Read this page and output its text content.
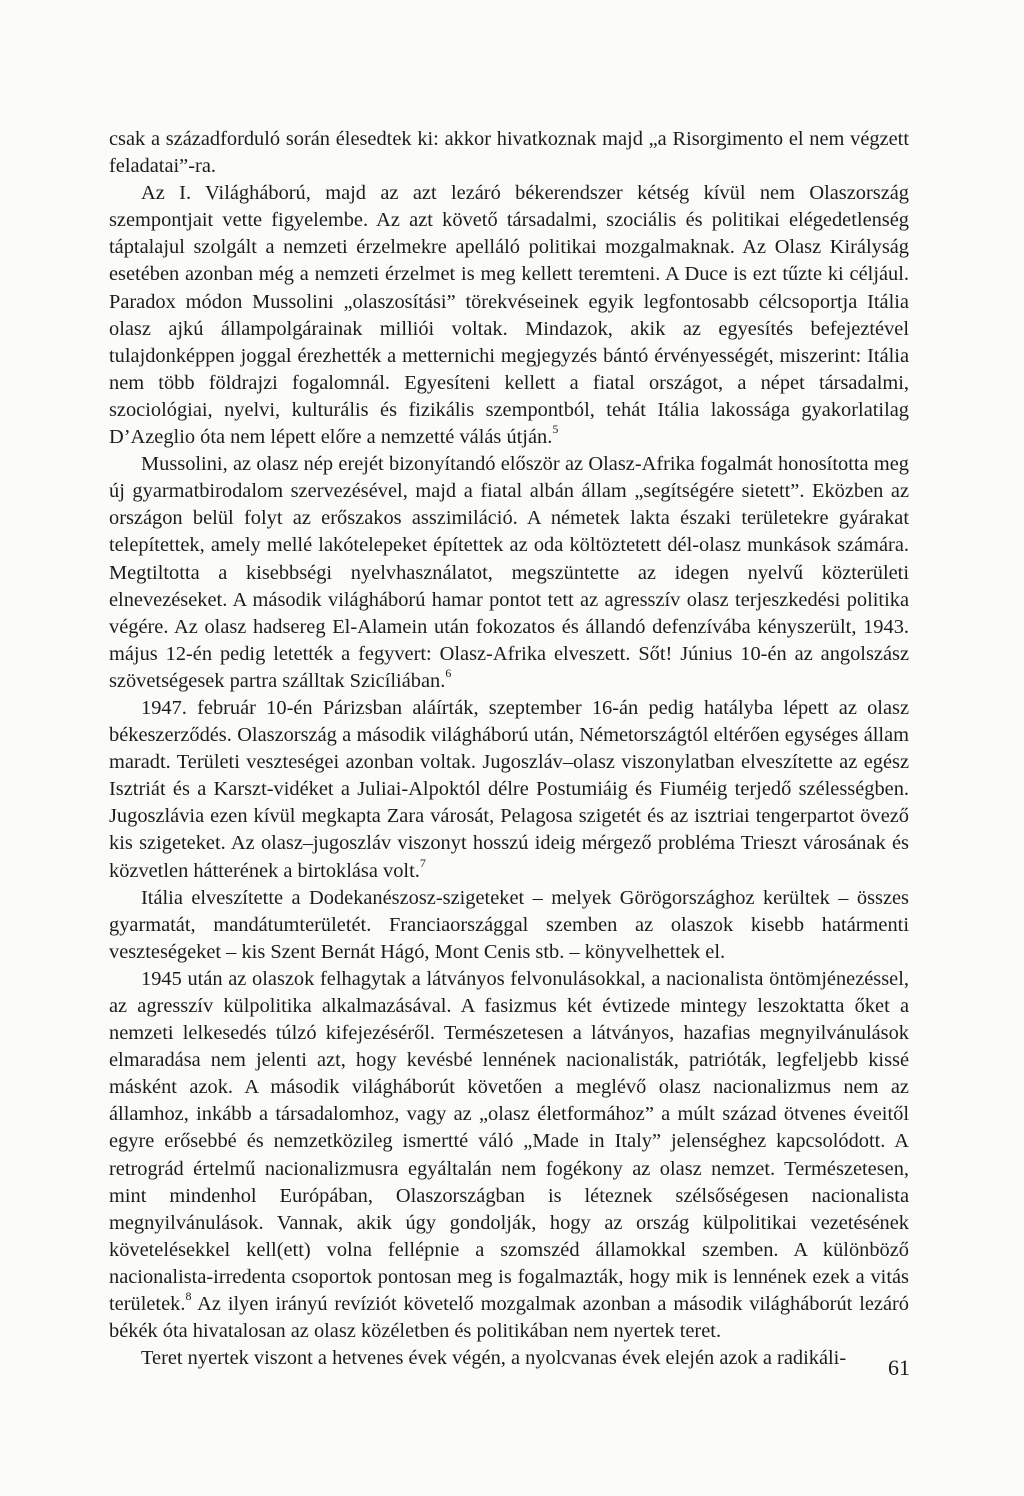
csak a századforduló során élesedtek ki: akkor hivatkoznak majd „a Risorgimento el nem végzett feladatai”-ra.

Az I. Világháború, majd az azt lezáró békerendszer kétség kívül nem Olaszország szempontjait vette figyelembe. Az azt követő társadalmi, szociális és politikai elégedetlenség táptalajul szolgált a nemzeti érzelmekre apelláló politikai mozgalmaknak. Az Olasz Királyság esetében azonban még a nemzeti érzelmet is meg kellett teremteni. A Duce is ezt tűzte ki céljául. Paradox módon Mussolini „olaszosítási” törekvéseinek egyik legfontosabb célcsoportja Itália olasz ajkú állampolgárainak milliói voltak. Mindazok, akik az egyesítés befejeztével tulajdonképpen joggal érezhették a metternichi megjegyzés bántó érvényességét, miszerint: Itália nem több földrajzi fogalomnál. Egyesíteni kellett a fiatal országot, a népet társadalmi, szociológiai, nyelvi, kulturális és fizikális szempontból, tehát Itália lakossága gyakorlatilag D’Azeglio óta nem lépett előre a nemzetté válás útján.$^5$

Mussolini, az olasz nép erejét bizonyítandó először az Olasz-Afrika fogalmát honosította meg új gyarmatbirodalom szervezésével, majd a fiatal albán állam „segítségére sietett”. Eközben az országon belül folyt az erőszakos asszimiláció. A németek lakta északi területekre gyárakat telepítettek, amely mellé lakótelepeket építettek az oda költöztetett dél-olasz munkások számára. Megtiltotta a kisebbségi nyelvhasználatot, megszüntette az idegen nyelvű közterületi elnevezéseket. A második világháború hamar pontot tett az agresszív olasz terjeszkedési politika végére. Az olasz hadsereg El-Alamein után fokozatos és állandó defenzívába kényszerült, 1943. május 12-én pedig letették a fegyvert: Olasz-Afrika elveszett. Sőt! Június 10-én az angolszász szövetségesek partra szálltak Szicíliában.$^6$

1947. február 10-én Párizsban aláírták, szeptember 16-án pedig hatályba lépett az olasz békeszerződés. Olaszország a második világháború után, Németországtól eltérően egységes állam maradt. Területi veszteségei azonban voltak. Jugoszláv–olasz viszonylatban elveszítette az egész Isztriát és a Karszt-vidéket a Juliai-Alpoktól délre Postumiáig és Fiuméig terjedő szélességben. Jugoszlávia ezen kívül megkapta Zara városát, Pelagosa szigetét és az isztriai tengerpartot övező kis szigeteket. Az olasz–jugoszláv viszonyt hosszú ideig mérgező probléma Trieszt városának és közvetlen hátterének a birtoklása volt.$^7$

Itália elveszítette a Dodekanészosz-szigeteket – melyek Görögországhoz kerültek – összes gyarmatát, mandátumterületét. Franciaországgal szemben az olaszok kisebb határmenti veszteségeket – kis Szent Bernát Hágó, Mont Cenis stb. – könyvelhettek el.

1945 után az olaszok felhagytak a látványos felvonulásokkal, a nacionalista öntömjénezéssel, az agresszív külpolitika alkalmazásával. A fasizmus két évtizede mintegy leszoktatta őket a nemzeti lelkesedés túlzó kifejezéséről. Természetesen a látványos, hazafias megnyilvánulások elmaradása nem jelenti azt, hogy kevésbé lennének nacionalisták, patrióták, legfeljebb kissé másként azok. A második világháborút követően a meglévő olasz nacionalizmus nem az államhoz, inkább a társadalomhoz, vagy az „olasz életformához” a múlt század ötvenes éveitől egyre erősebbé és nemzetközileg ismertté váló „Made in Italy” jelenséghez kapcsolódott. A retrográd értelmű nacionalizmusra egyáltalán nem fogékony az olasz nemzet. Természetesen, mint mindenhol Európában, Olaszországban is léteznek szélsőségesen nacionalista megnyilvánulások. Vannak, akik úgy gondolják, hogy az ország külpolitikai vezetésének követelésekkel kell(ett) volna fellépnie a szomszéd államokkal szemben. A különböző nacionalista-irredenta csoportok pontosan meg is fogalmazták, hogy mik is lennének ezek a vitás területek.$^8$ Az ilyen irányú revíziót követelő mozgalmak azonban a második világháborút lezáró békék óta hivatalosan az olasz közéletben és politikában nem nyertek teret.

Teret nyertek viszont a hetvenes évek végén, a nyolcvanas évek elején azok a radikáli-	61
